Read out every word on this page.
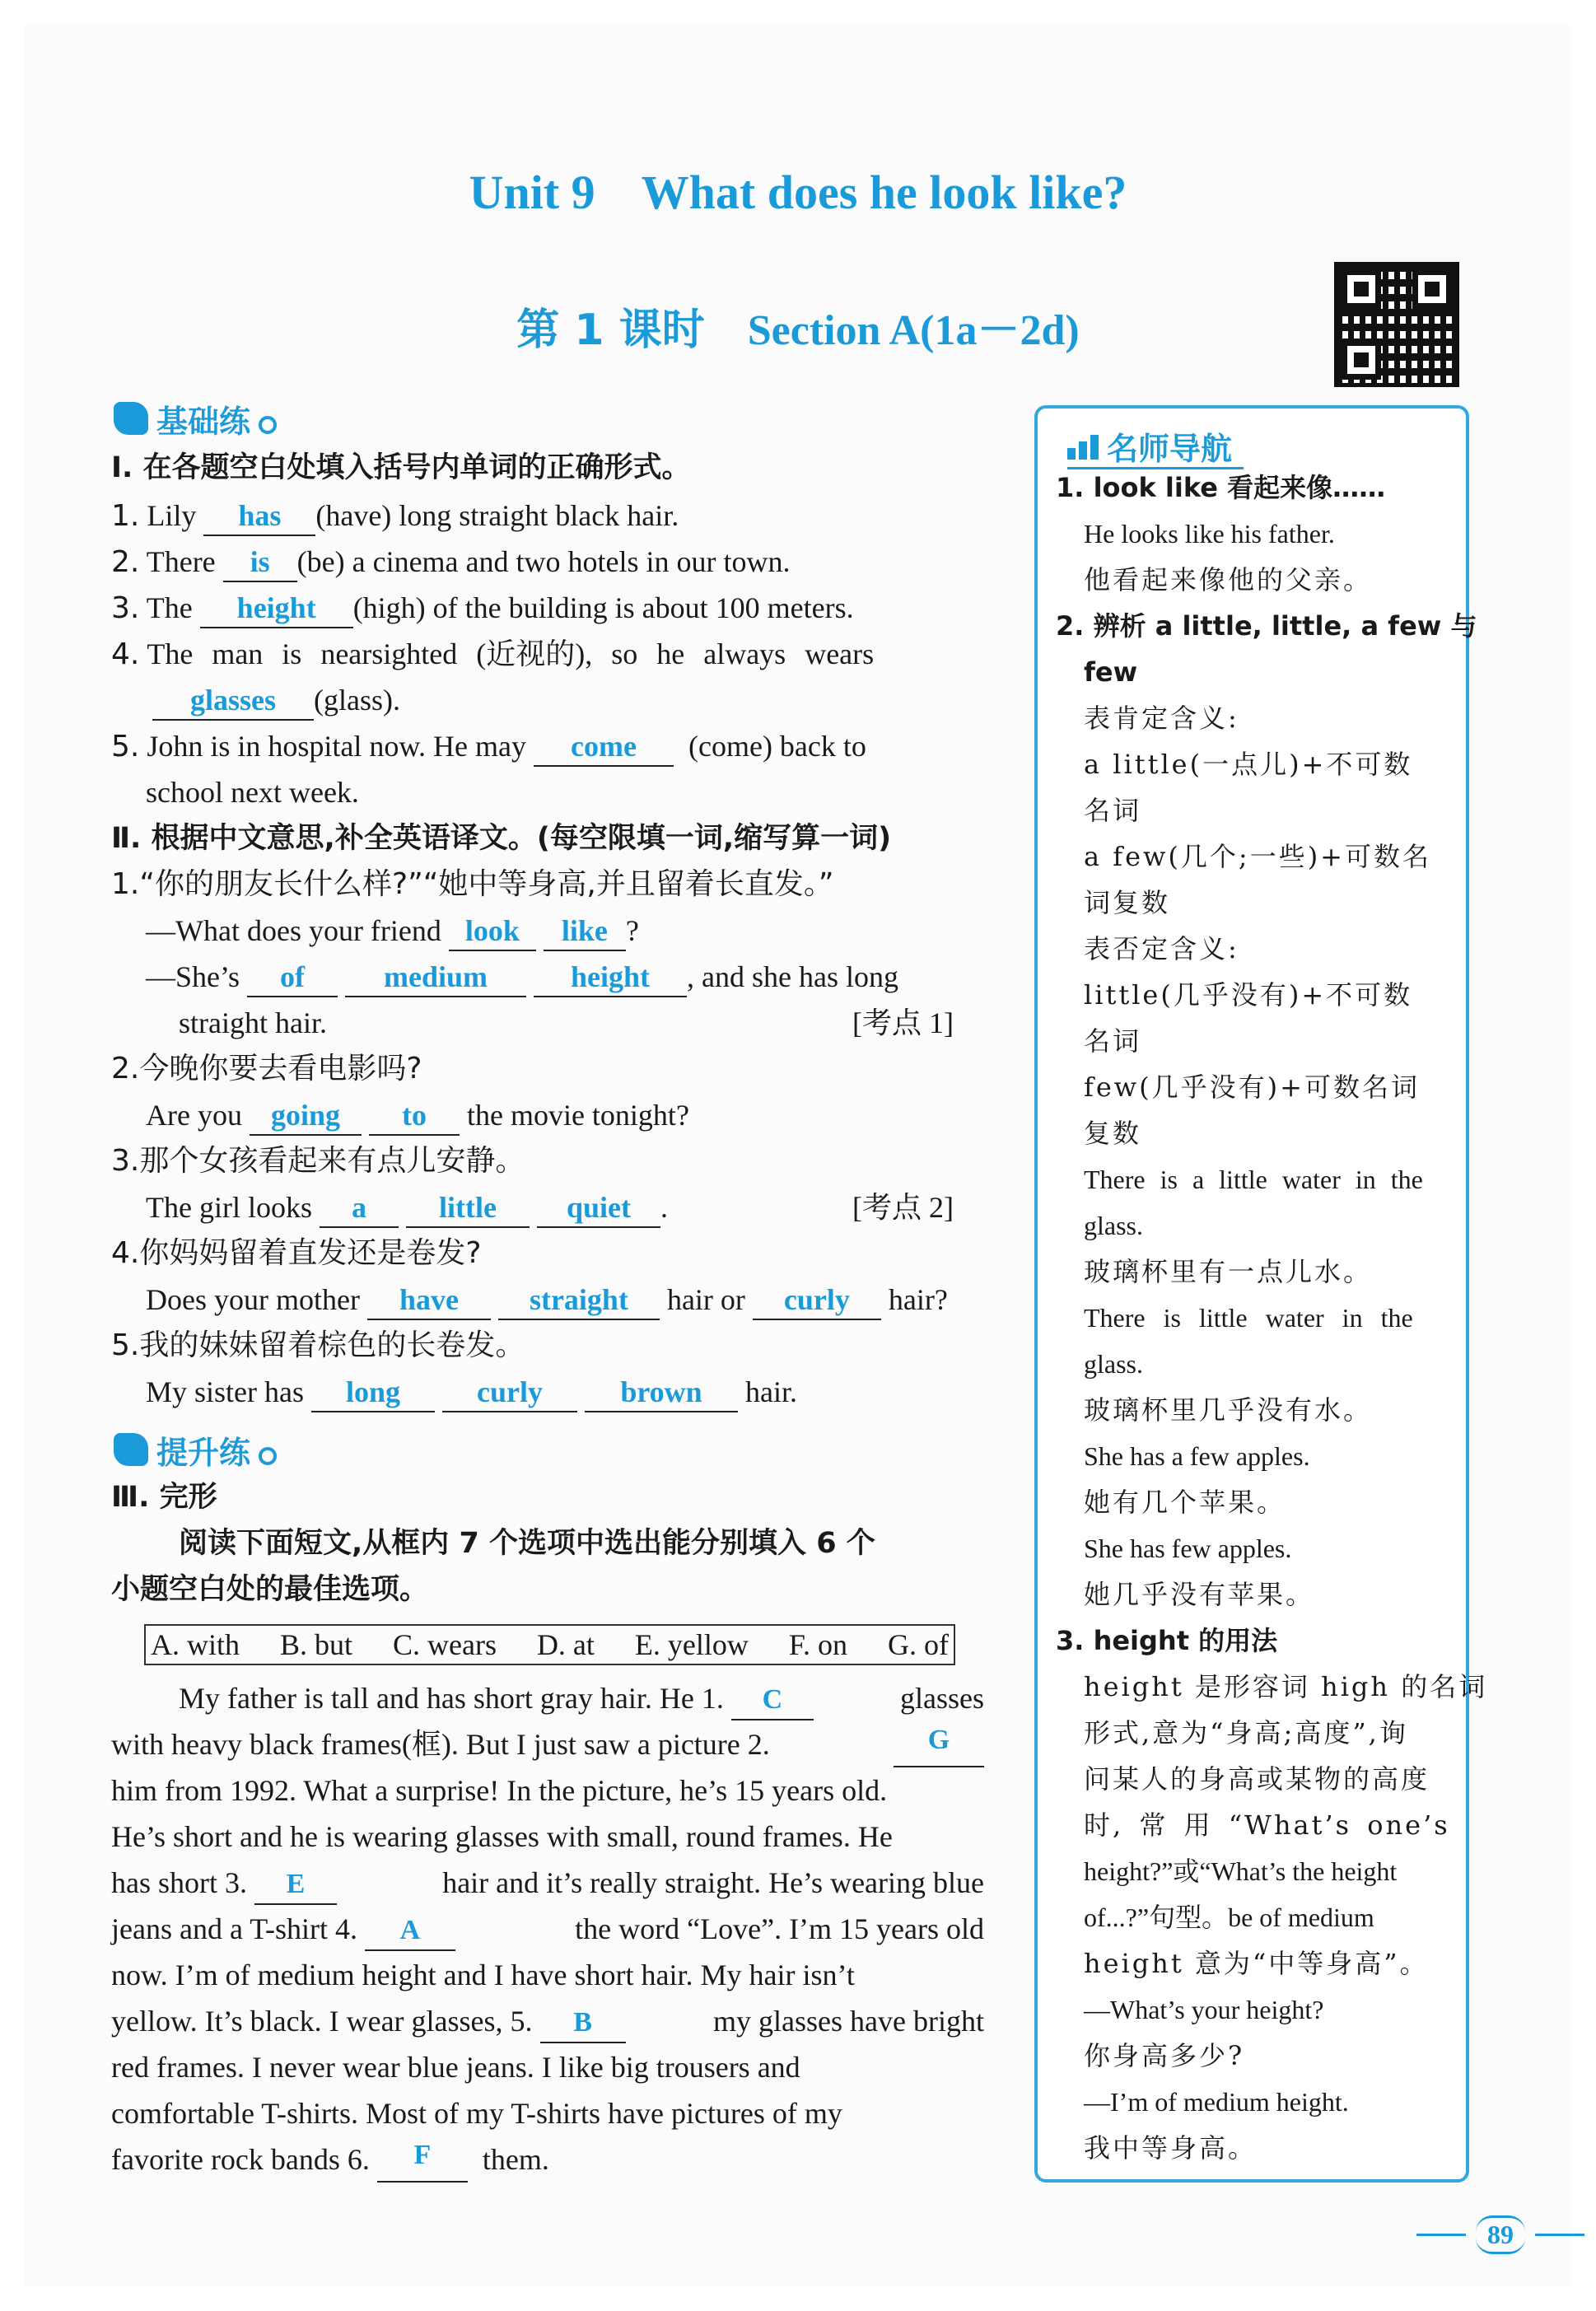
Unit 9 What does he look like?
第 1 课时 Section A(1a－2d)
基础练
Ⅰ. 在各题空白处填入括号内单词的正确形式。
1. Lily has (have) long straight black hair.
2. There is (be) a cinema and two hotels in our town.
3. The height (high) of the building is about 100 meters.
4. The man is nearsighted (近视的), so he always wears
glasses (glass).
5. John is in hospital now. He may come (come) back to
school next week.
Ⅱ. 根据中文意思,补全英语译文。(每空限填一词,缩写算一词)
1.“你的朋友长什么样?”“她中等身高,并且留着长直发。”
—What does your friend look like ?
—She’s of	medium	height , and she has long
straight hair.	[考点 1]
2.今晚你要去看电影吗?
Are you going to the movie tonight?
3.那个女孩看起来有点儿安静。
The girl looks a little quiet .	[考点 2]
4.你妈妈留着直发还是卷发?
Does your mother have straight hair or curly hair?
5.我的妹妹留着棕色的长卷发。
My sister has long	curly	brown hair.
提升练
Ⅲ. 完形
阅读下面短文,从框内 7 个选项中选出能分别填入 6 个
小题空白处的最佳选项。
A. with B. but C. wears D. at E. yellow F. on G. of
My father is tall and has short gray hair. He 1. C	glasses
with heavy black frames(框). But I just saw a picture 2.	G
him from 1992. What a surprise! In the picture, he’s 15 years old.
He’s short and he is wearing glasses with small, round frames. He
has short 3. E	hair and it’s really straight. He’s wearing blue
jeans and a T-shirt 4. A	the word “Love”. I’m 15 years old
now. I’m of medium height and I have short hair. My hair isn’t
yellow. It’s black. I wear glasses, 5. B	my glasses have bright
red frames. I never wear blue jeans. I like big trousers and
comfortable T-shirts. Most of my T-shirts have pictures of my
favorite rock bands 6.
	F
	them.
名师导航
1. look like 看起来像……
He looks like his father.
他看起来像他的父亲。
2. 辨析 a little, little, a few 与
few
表肯定含义:
a little(一点儿)+不可数
名词
a few(几个;一些)+可数名
词复数
表否定含义:
little(几乎没有)+不可数
名词
few(几乎没有)+可数名词
复数
There is a little water in the
glass.
玻璃杯里有一点儿水。
There is little water in the
glass.
玻璃杯里几乎没有水。
She has a few apples.
她有几个苹果。
She has few apples.
她几乎没有苹果。
3. height 的用法
height 是形容词 high 的名词
形式,意为“身高;高度”,询
问某人的身高或某物的高度
时, 常 用 “What’s one’s
height?”或“What’s the height
of...?”句型。be of medium
height 意为“中等身高”。
—What’s your height?
你身高多少?
—I’m of medium height.
我中等身高。
89
